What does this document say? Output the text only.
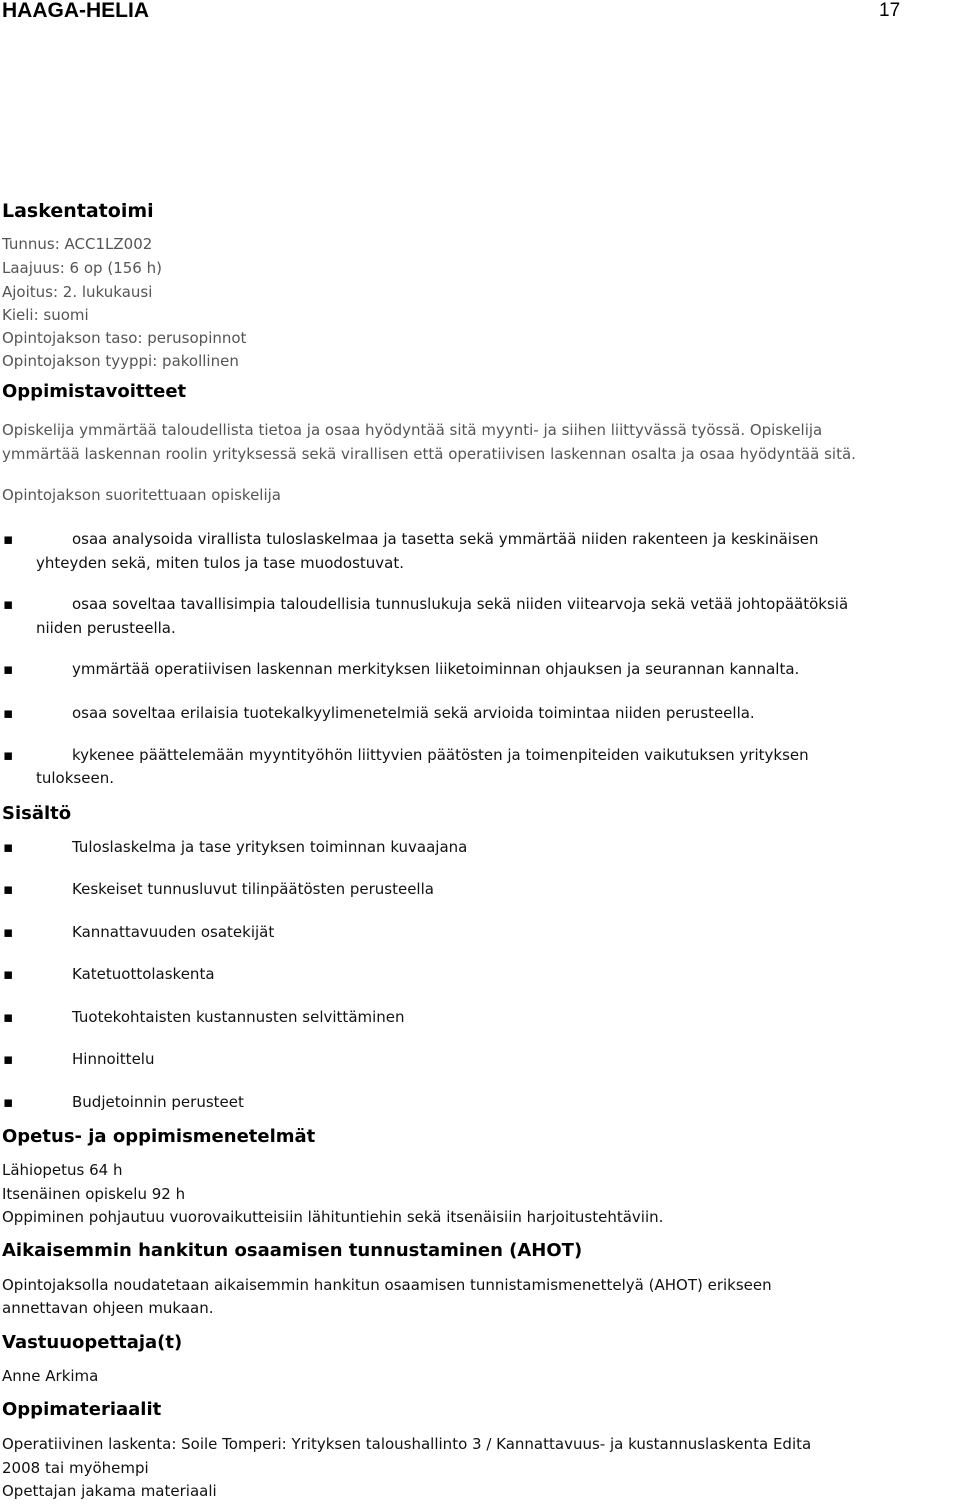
HAAGA-HELIA	17
Laskentatoimi
Tunnus: ACC1LZ002
Laajuus: 6 op (156 h)
Ajoitus: 2. lukukausi
Kieli: suomi
Opintojakson taso: perusopinnot
Opintojakson tyyppi: pakollinen
Oppimistavoitteet
Opiskelija ymmärtää taloudellista tietoa ja osaa hyödyntää sitä myynti- ja siihen liittyvässä työssä. Opiskelija
ymmärtää laskennan roolin yrityksessä sekä virallisen että operatiivisen laskennan osalta ja osaa hyödyntää sitä.
Opintojakson suoritettuaan opiskelija
▪	osaa analysoida virallista tuloslaskelmaa ja tasetta sekä ymmärtää niiden rakenteen ja keskinäisen
yhteyden sekä, miten tulos ja tase muodostuvat.
▪	osaa soveltaa tavallisimpia taloudellisia tunnuslukuja sekä niiden viitearvoja sekä vetää johtopäätöksiä
niiden perusteella.
▪	ymmärtää operatiivisen laskennan merkityksen liiketoiminnan ohjauksen ja seurannan kannalta.
▪	osaa soveltaa erilaisia tuotekalkyylimenetelmiä sekä arvioida toimintaa niiden perusteella.
▪	kykenee päättelemään myyntityöhön liittyvien päätösten ja toimenpiteiden vaikutuksen yrityksen
tulokseen.
Sisältö
▪	Tuloslaskelma ja tase yrityksen toiminnan kuvaajana
▪	Keskeiset tunnusluvut tilinpäätösten perusteella
▪	Kannattavuuden osatekijät
▪	Katetuottolaskenta
▪	Tuotekohtaisten kustannusten selvittäminen
▪	Hinnoittelu
▪	Budjetoinnin perusteet
Opetus- ja oppimismenetelmät
Lähiopetus 64 h
Itsenäinen opiskelu 92 h
Oppiminen pohjautuu vuorovaikutteisiin lähituntiehin sekä itsenäisiin harjoitustehtäviin.
Aikaisemmin hankitun osaamisen tunnustaminen (AHOT)
Opintojaksolla noudatetaan aikaisemmin hankitun osaamisen tunnistamismenettelyä (AHOT) erikseen
annettavan ohjeen mukaan.
Vastuuopettaja(t)
Anne Arkima
Oppimateriaalit
Operatiivinen laskenta: Soile Tomperi: Yrityksen taloushallinto 3 / Kannattavuus- ja kustannuslaskenta Edita
2008 tai myöhempi
Opettajan jakama materiaali
